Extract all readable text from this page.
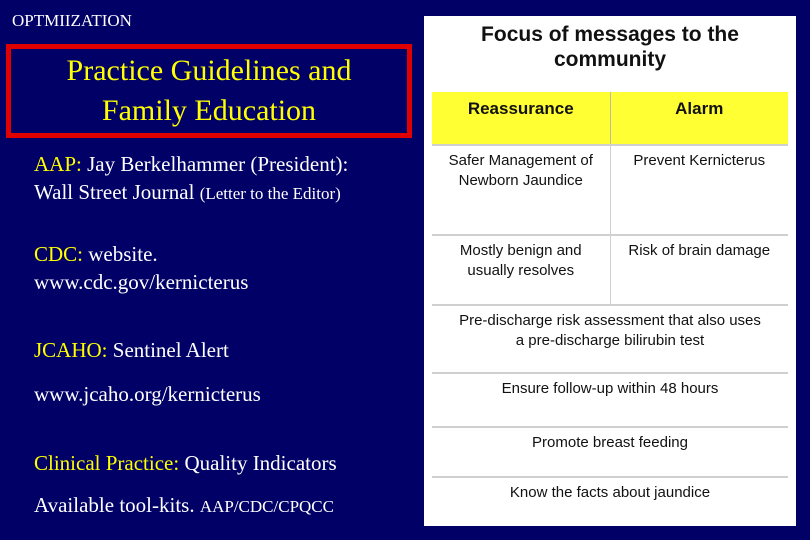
OPTMIIZATION
Practice Guidelines and
Family Education
AAP: Jay Berkelhammer (President):
Wall Street Journal (Letter to the Editor)
CDC: website.
www.cdc.gov/kernicterus
JCAHO: Sentinel Alert
www.jcaho.org/kernicterus
Clinical Practice: Quality Indicators
Available tool-kits. AAP/CDC/CPQCC
Focus of messages to the
community
Reassurance	Alarm
Safer Management of
Newborn Jaundice
Prevent Kernicterus
Mostly benign and
usually resolves
Risk of brain damage
Pre-discharge risk assessment that also uses
a pre-discharge bilirubin test
Ensure follow-up within 48 hours
Promote breast feeding
Know the facts about jaundice
